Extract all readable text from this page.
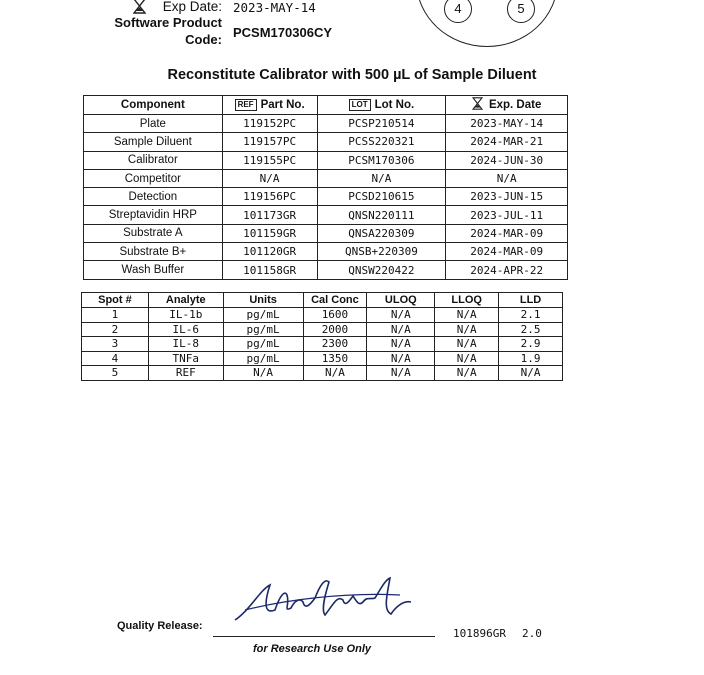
Exp Date: 2023-MAY-14
Software Product
Code: PCSM170306CY
4	5
Reconstitute Calibrator with 500 µL of Sample Diluent
Component	REF Part No.	LOT Lot No.	Exp. Date
Plate	119152PC	PCSP210514	2023-MAY-14
Sample Diluent	119157PC	PCSS220321	2024-MAR-21
Calibrator	119155PC	PCSM170306	2024-JUN-30
Competitor	N/A	N/A	N/A
Detection	119156PC	PCSD210615	2023-JUN-15
Streptavidin HRP	101173GR	QNSN220111	2023-JUL-11
Substrate A	101159GR	QNSA220309	2024-MAR-09
Substrate B+	101120GR	QNSB+220309	2024-MAR-09
Wash Buffer	101158GR	QNSW220422	2024-APR-22
Spot #	Analyte	Units	Cal Conc	ULOQ	LLOQ	LLD
1	IL-1b	pg/mL	1600	N/A	N/A	2.1
2	IL-6	pg/mL	2000	N/A	N/A	2.5
3	IL-8	pg/mL	2300	N/A	N/A	2.9
4	TNFa	pg/mL	1350	N/A	N/A	1.9
5	REF	N/A	N/A	N/A	N/A	N/A
Quality Release:
101896GR 2.0
for Research Use Only
